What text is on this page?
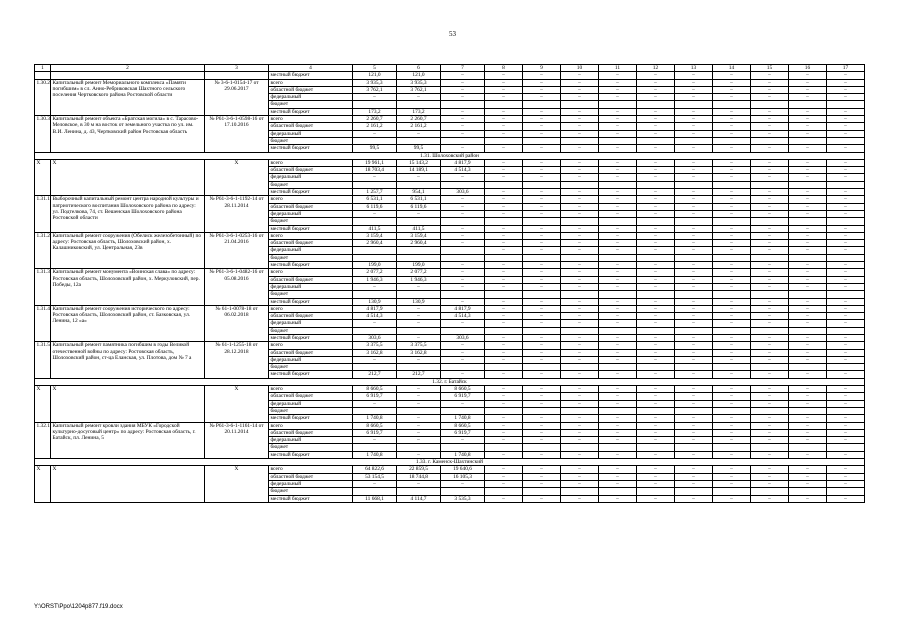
53
1	2	3	4	5	6	7	8	9	10	11	12	13	14	15	16	17
			местный бюджет	121,0	121,0	–	–	–	–	–	–	–	–	–	–	–
1.30.2	Капитальный ремонт Мемориального комплекса «Памяти погибшим» в сл. Анно-Ребриковская Шахтного сельского поселения Чертковского района Ростовской области	№ 3-6-1-0154-17 от 29.06.2017	всего	3 935,3	3 935,3	–	–	–	–	–	–	–	–	–	–	–
			областной бюджет	3 762,1	3 762,1	–	–	–	–	–	–	–	–	–	–	–
			федеральный	–	–	–	–	–	–	–	–	–	–	–	–	–
			бюджет													
			местный бюджет	173,2	173,2	–	–	–	–	–	–	–	–	–	–	–
1.30.3	Капитальный ремонт объекта «Братская могила» в с. Тарасово-Меловское, в 30 м на восток от земельного участка по ул. им. В.И. Ленина, д. 43, Чертковский район Ростовская область	№ Р61-3-6-1-0598-16 от 17.10.2016	всего	2 260,7	2 260,7	–	–	–	–	–	–	–	–	–	–	–
			областной бюджет	2 161,2	2 161,2	–	–	–	–	–	–	–	–	–	–	–
			федеральный	–	–	–	–	–	–	–	–	–	–	–	–	–
			бюджет													
			местный бюджет	99,5	99,5	–	–	–	–	–	–	–	–	–	–	–
1.31. Шолоховский район																
Х	Х	Х	всего	19 961,1	15 143,2	4 817,9	–	–	–	–	–	–	–	–	–	–
			областной бюджет	18 703,4	14 189,1	4 514,3	–	–	–	–	–	–	–	–	–	–
			федеральный	–	–	–	–	–	–	–	–	–	–	–	–	–
			бюджет													
			местный бюджет	1 257,7	954,1	303,6	–	–	–	–	–	–	–	–	–	–
1.31.1	Выборочный капитальный ремонт центра народной культуры и патриотического воспитания Шолоховского района по адресу: ул. Подтелкова, 74, ст. Вешенская Шолоховского района Ростовской области	№ Р61-3-6-1-1192-14 от 28.11.2014	всего	6 531,1	6 531,1	–	–	–	–	–	–	–	–	–	–	–
			областной бюджет	6 119,6	6 119,6	–	–	–	–	–	–	–	–	–	–	–
			федеральный	–	–	–	–	–	–	–	–	–	–	–	–	–
			бюджет													
			местный бюджет	411,5	411,5	–	–	–	–	–	–	–	–	–	–	–
1.31.2	Капитальный ремонт сооружения (Обелиск железобетонный) по адресу: Ростовская область, Шолоховский район, х. Калашниковский, ул. Центральная, 23в	№ Р61-3-6-1-0253-16 от 21.04.2016	всего	3 159,4	3 159,4	–	–	–	–	–	–	–	–	–	–	–
			областной бюджет	2 960,4	2 960,4	–	–	–	–	–	–	–	–	–	–	–
			федеральный				–	–	–	–	–	–	–	–	–	–
			бюджет													
			местный бюджет	199,0	199,0	–	–	–	–	–	–	–	–	–	–	–
1.31.3	Капитальный ремонт монумента «Воинская слава» по адресу: Ростовская область, Шолоховский район, х. Меркуловский, пер. Победы, 12а	№ Р61-3-6-1-0482-16 от 05.08.2016	всего	2 077,2	2 077,2	–	–	–	–	–	–	–	–	–	–	–
			областной бюджет	1 946,3	1 946,3	–	–	–	–	–	–	–	–	–	–	–
			федеральный	–	–	–	–	–	–	–	–	–	–	–	–	–
			бюджет													
			местный бюджет	130,9	130,9	–	–	–	–	–	–	–	–	–	–	–
1.31.4	Капитальный ремонт сооружения исторического по адресу: Ростовская область, Шолоховский район, ст. Базковская, ул. Ленина, 12 «а»	№ 61-1-0078-18 от 06.02.2018	всего	4 817,9	–	4 817,9	–	–	–	–	–	–	–	–	–	–
			областной бюджет	4 514,3	–	4 514,3	–	–	–	–	–	–	–	–	–	–
			федеральный	–	–	–	–	–	–	–	–	–	–	–	–	–
			бюджет													
			местный бюджет	303,6	–	303,6	–	–	–	–	–	–	–	–	–	–
1.31.5	Капитальный ремонт памятника погибшим в годы Великой отечественной войны по адресу: Ростовская область, Шолоховский район, ст-ца Еланская, ул. Плотова, дом № 7 а	№ 61-1-1255-18 от 28.12.2018	всего	3 375,5	3 375,5	–	–	–	–	–	–	–	–	–	–	–
			областной бюджет	3 162,8	3 162,8	–	–	–	–	–	–	–	–	–	–	–
			федеральный	–	–	–	–	–	–	–	–	–	–	–	–	–
			бюджет													
			местный бюджет	212,7	212,7	–	–	–	–	–	–	–	–	–	–	–
1.32. г. Батайск																
Х	Х	Х	всего	8 660,5	–	8 660,5	–	–	–	–	–	–	–	–	–	–
			областной бюджет	6 919,7	–	6 919,7	–	–	–	–	–	–	–	–	–	–
			федеральный	–	–	–	–	–	–	–	–	–	–	–	–	–
			бюджет													
			местный бюджет	1 740,8	–	1 740,8	–	–	–	–	–	–	–	–	–	–
1.32.1	Капитальный ремонт кровли здания МБУК «Городской культурно-досуговый центр» по адресу: Ростовская область, г. Батайск, пл. Ленина, 5	№ Р61-3-6-1-1161-14 от 20.11.2014	всего	8 660,5	–	8 660,5	–	–	–	–	–	–	–	–	–	–
			областной бюджет	6 919,7	–	6 919,7	–	–	–	–	–	–	–	–	–	–
			федеральный	–	–	–	–	–	–	–	–	–	–	–	–	–
			бюджет													
			местный бюджет	1 740,8	–	1 740,8	–	–	–	–	–	–	–	–	–	–
1.33. г. Каменск-Шахтинский																
Х	Х	Х	всего	64 822,6	22 859,5	19 640,6	–	–	–	–	–	–	–	–	–	–
			областной бюджет	53 154,5	18 744,8	16 105,3	–	–	–	–	–	–	–	–	–	–
			федеральный	–	–	–	–	–	–	–	–	–	–	–	–	–
			бюджет													
			местный бюджет	11 668,1	4 114,7	3 535,3	–	–	–	–	–	–	–	–	–	–
Y:\ORST\Ppo\1204p877.f19.docx
